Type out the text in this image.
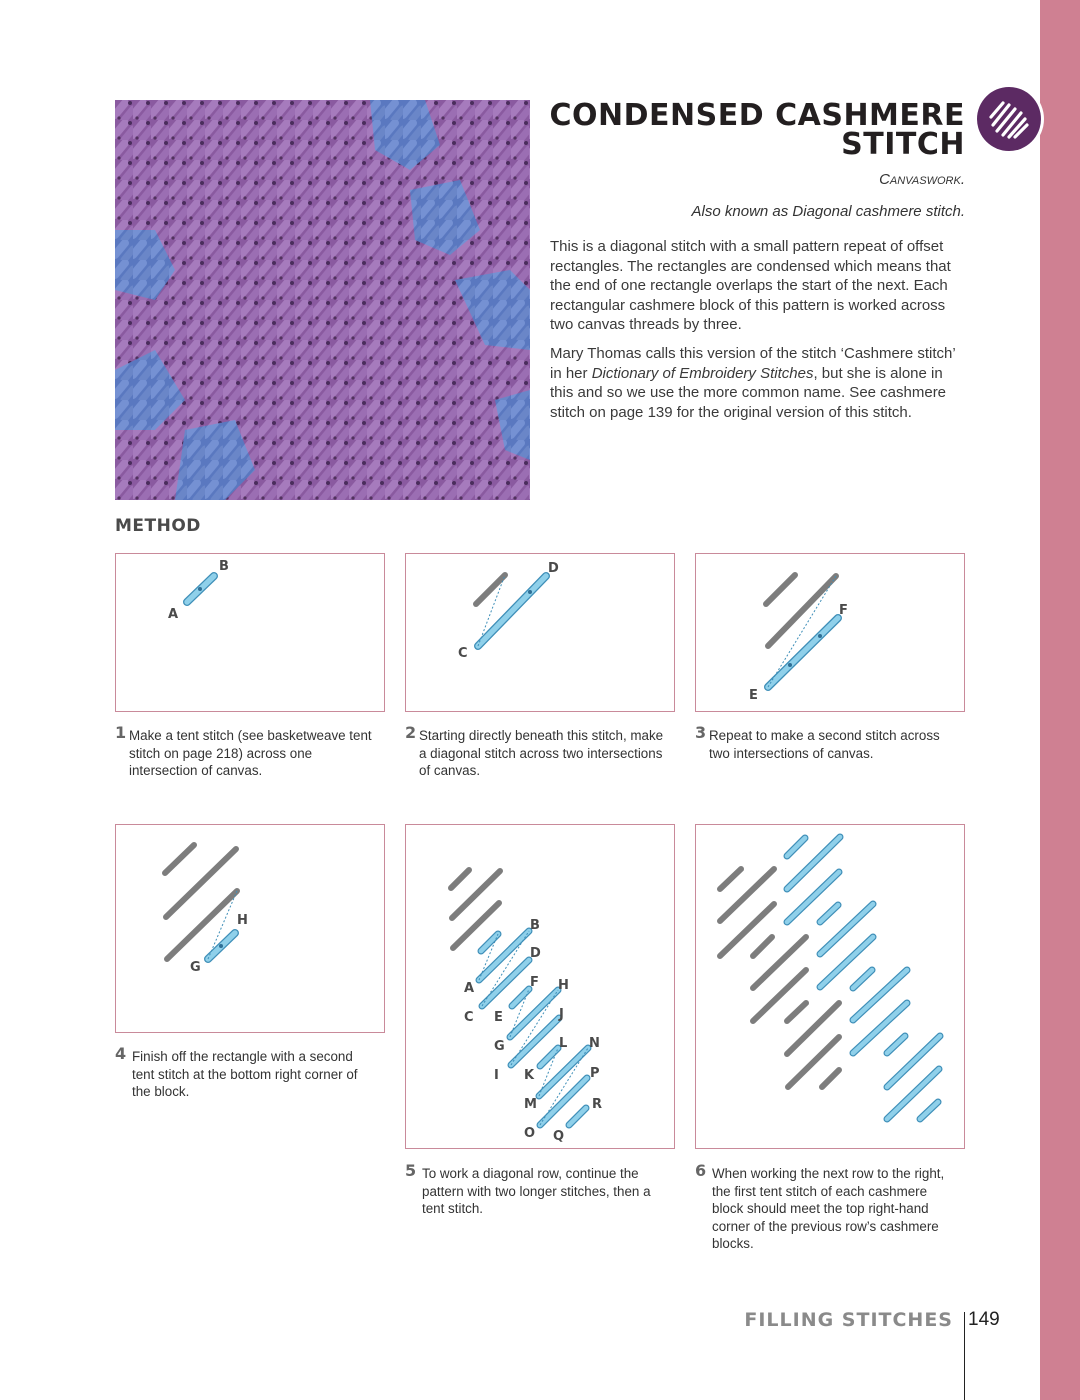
CONDENSED CASHMERE
STITCH
Canvaswork.
Also known as Diagonal cashmere stitch.

This is a diagonal stitch with a small pattern repeat of offset rectangles. The rectangles are condensed which means that the end of one rectangle overlaps the start of the next. Each rectangular cashmere block of this pattern is worked across two canvas threads by three.

Mary Thomas calls this version of the stitch ‘Cashmere stitch’ in her Dictionary of Embroidery Stitches, but she is alone in this and so we use the more common name. See cashmere stitch on page 139 for the original version of this stitch.

METHOD
A
B
C
D
E
F
1 Make a tent stitch (see basketweave tent stitch on page 218) across one intersection of canvas.
2 Starting directly beneath this stitch, make a diagonal stitch across two intersections of canvas.
3 Repeat to make a second stitch across two intersections of canvas.
G
H	B
D
F H
J
L N
P
R
A
C E
G
I K
M
O Q
4 Finish off the rectangle with a second tent stitch at the bottom right corner of the block.
5 To work a diagonal row, continue the pattern with two longer stitches, then a tent stitch.
6 When working the next row to the right, the first tent stitch of each cashmere block should meet the top right-hand corner of the previous row’s cashmere blocks.
FILLING STITCHES 149
